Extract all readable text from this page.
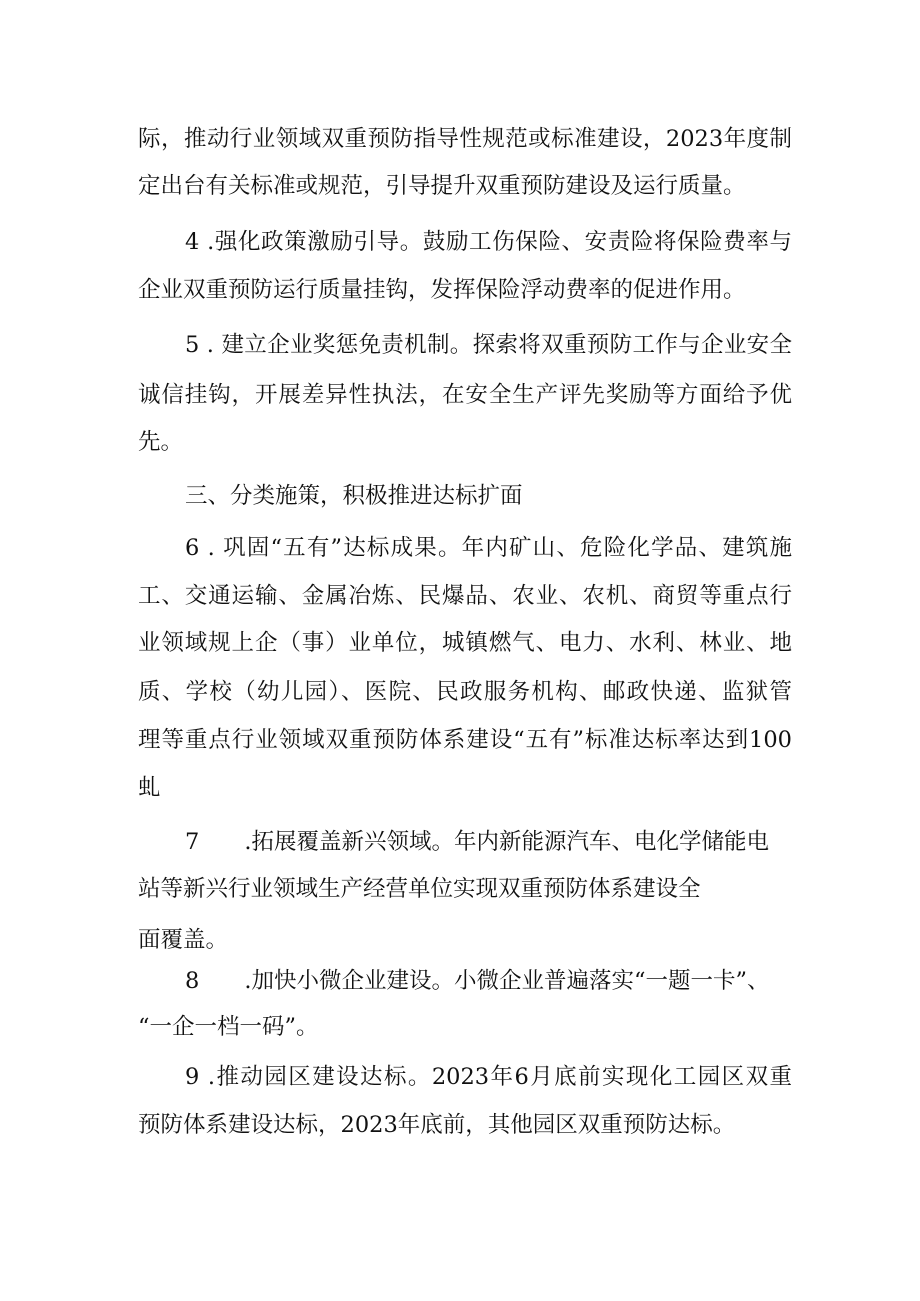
际，推动行业领域双重预防指导性规范或标准建设，2023年度制

定出台有关标准或规范，引导提升双重预防建设及运行质量。

4 .强化政策激励引导。鼓励工伤保险、安责险将保险费率与

企业双重预防运行质量挂钩，发挥保险浮动费率的促进作用。

5 . 建立企业奖惩免责机制。探索将双重预防工作与企业安全

诚信挂钩，开展差异性执法，在安全生产评先奖励等方面给予优

先。

三、分类施策，积极推进达标扩面

6 . 巩固“五有”达标成果。年内矿山、危险化学品、建筑施

工、交通运输、金属冶炼、民爆品、农业、农机、商贸等重点行

业领域规上企（事）业单位，城镇燃气、电力、水利、林业、地

质、学校（幼儿园）、医院、民政服务机构、邮政快递、监狱管

理等重点行业领域双重预防体系建设“五有”标准达标率达到100

虬

7　　.拓展覆盖新兴领域。年内新能源汽车、电化学储能电

站等新兴行业领域生产经营单位实现双重预防体系建设全

面覆盖。

8　　.加快小微企业建设。小微企业普遍落实“一题一卡”、

“一企一档一码”。

9 .推动园区建设达标。2023年6月底前实现化工园区双重

预防体系建设达标，2023年底前，其他园区双重预防达标。
